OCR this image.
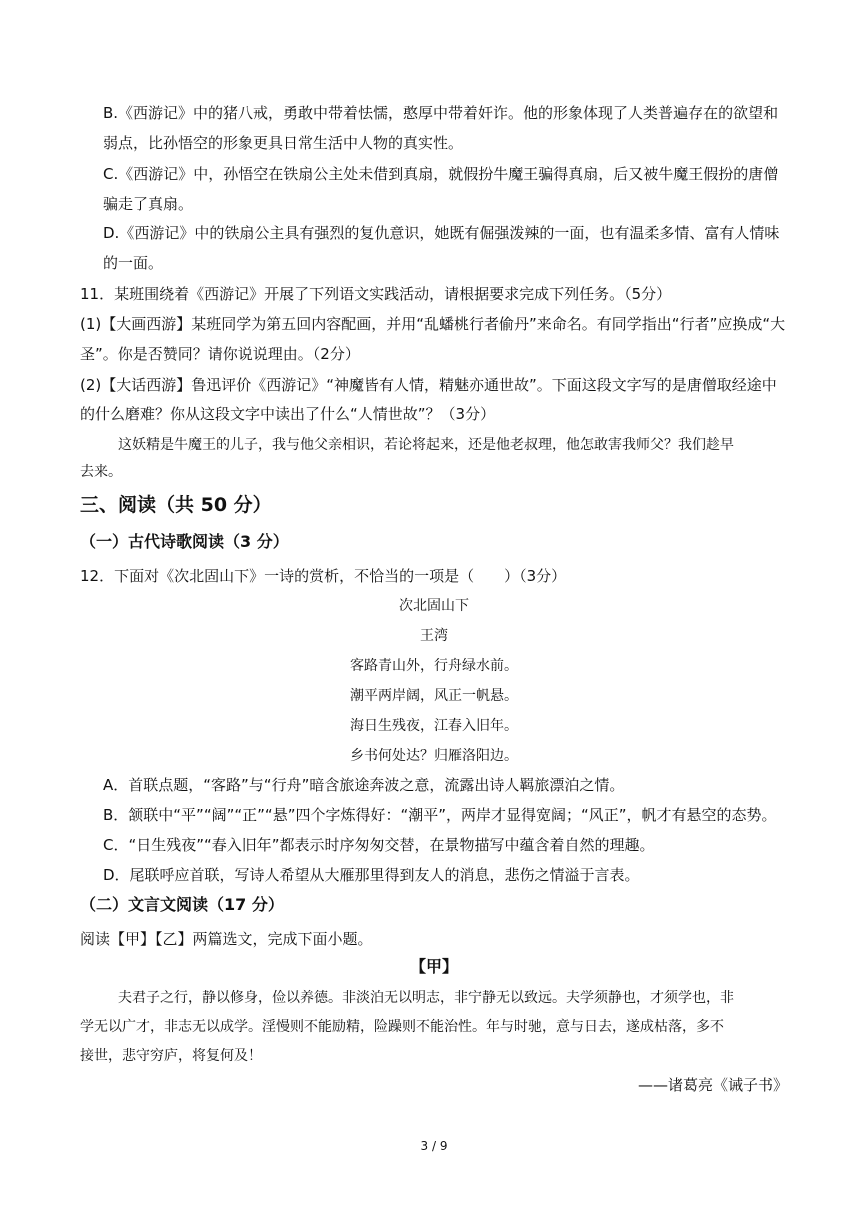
B.《西游记》中的猪八戒，勇敢中带着怯懦，憨厚中带着奸诈。他的形象体现了人类普遍存在的欲望和
弱点，比孙悟空的形象更具日常生活中人物的真实性。
C.《西游记》中，孙悟空在铁扇公主处未借到真扇，就假扮牛魔王骗得真扇，后又被牛魔王假扮的唐僧
骗走了真扇。
D.《西游记》中的铁扇公主具有强烈的复仇意识，她既有倔强泼辣的一面，也有温柔多情、富有人情味
的一面。
11．某班围绕着《西游记》开展了下列语文实践活动，请根据要求完成下列任务。（5分）
(1)【大画西游】某班同学为第五回内容配画，并用“乱蟠桃行者偷丹”来命名。有同学指出“行者”应换成“大
圣”。你是否赞同？请你说说理由。（2分）
(2)【大话西游】鲁迅评价《西游记》“神魔皆有人情，精魅亦通世故”。下面这段文字写的是唐僧取经途中
的什么磨难？你从这段文字中读出了什么“人情世故”？（3分）
这妖精是牛魔王的儿子，我与他父亲相识，若论将起来，还是他老叔理，他怎敢害我师父？我们趁早
去来。
三、阅读（共 50 分）
（一）古代诗歌阅读（3 分）
12．下面对《次北固山下》一诗的赏析，不恰当的一项是（　　）（3分）
次北固山下
王湾
客路青山外，行舟绿水前。
潮平两岸阔，风正一帆悬。
海日生残夜，江春入旧年。
乡书何处达？归雁洛阳边。
A．首联点题，“客路”与“行舟”暗含旅途奔波之意，流露出诗人羁旅漂泊之情。
B．颔联中“平”“阔”“正”“悬”四个字炼得好：“潮平”，两岸才显得宽阔；“风正”，帆才有悬空的态势。
C．“日生残夜”“春入旧年”都表示时序匆匆交替，在景物描写中蕴含着自然的理趣。
D．尾联呼应首联，写诗人希望从大雁那里得到友人的消息，悲伤之情溢于言表。
（二）文言文阅读（17 分）
阅读【甲】【乙】两篇选文，完成下面小题。
【甲】
夫君子之行，静以修身，俭以养德。非淡泊无以明志，非宁静无以致远。夫学须静也，才须学也，非
学无以广才，非志无以成学。淫慢则不能励精，险躁则不能治性。年与时驰，意与日去，遂成枯落，多不
接世，悲守穷庐，将复何及！
——诸葛亮《诫子书》
3 / 9
